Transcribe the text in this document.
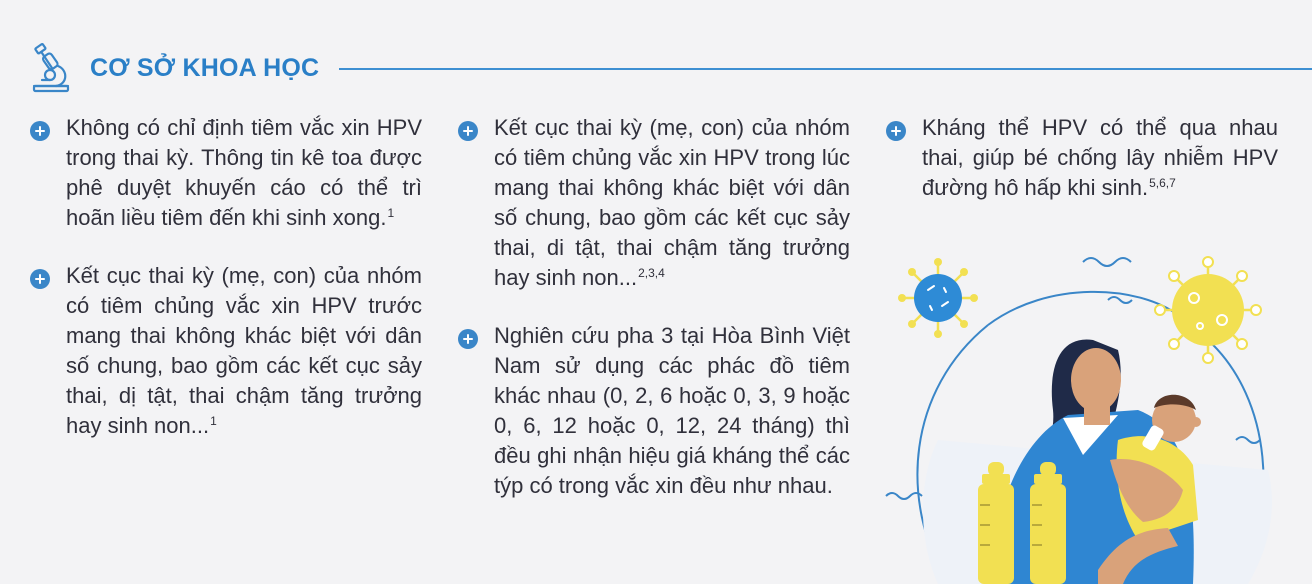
CƠ SỞ KHOA HỌC
Không có chỉ định tiêm vắc xin HPV trong thai kỳ. Thông tin kê toa được phê duyệt khuyến cáo có thể trì hoãn liều tiêm đến khi sinh xong.$^1$
Kết cục thai kỳ (mẹ, con) của nhóm có tiêm chủng vắc xin HPV trước mang thai không khác biệt với dân số chung, bao gồm các kết cục sảy thai, dị tật, thai chậm tăng trưởng hay sinh non...$^1$
Kết cục thai kỳ (mẹ, con) của nhóm có tiêm chủng vắc xin HPV trong lúc mang thai không khác biệt với dân số chung, bao gồm các kết cục sảy thai, di tật, thai chậm tăng trưởng hay sinh non...$^{2,3,4}$
Nghiên cứu pha 3 tại Hòa Bình Việt Nam sử dụng các phác đồ tiêm khác nhau (0, 2, 6 hoặc 0, 3, 9 hoặc 0, 6, 12 hoặc 0, 12, 24 tháng) thì đều ghi nhận hiệu giá kháng thể các týp có trong vắc xin đều như nhau.
Kháng thể HPV có thể qua nhau thai, giúp bé chống lây nhiễm HPV đường hô hấp khi sinh.$^{5,6,7}$
